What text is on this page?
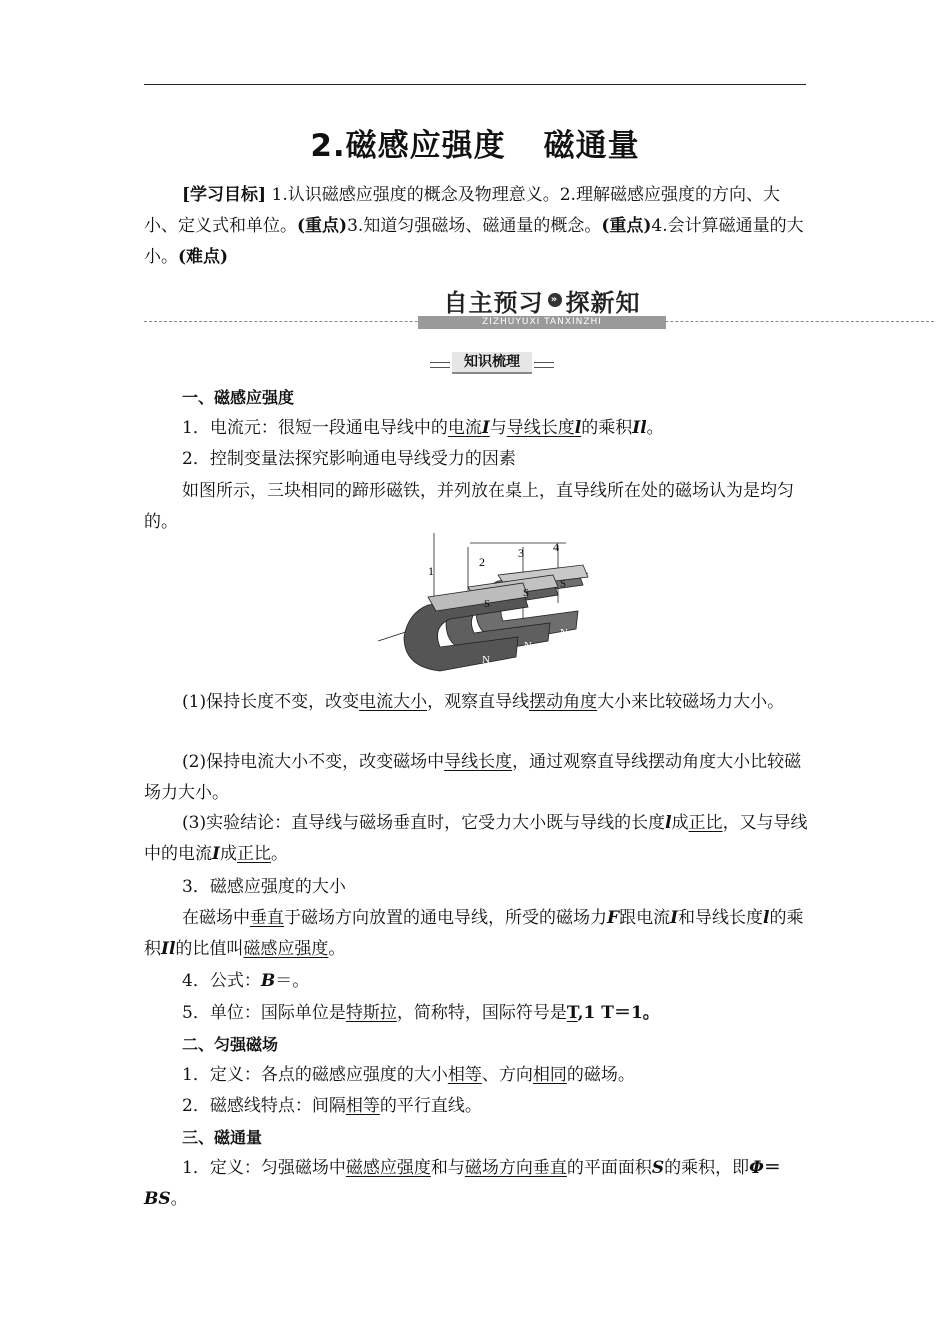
2.磁感应强度 磁通量
[学习目标] 1.认识磁感应强度的概念及物理意义。2.理解磁感应强度的方向、大小、定义式和单位。(重点)3.知道匀强磁场、磁通量的概念。(重点)4.会计算磁通量的大小。(难点)
自主预习 » 探新知
ZIZHUYUXI TANXINZHI
知识梳理
一、磁感应强度
1．电流元：很短一段通电导线中的电流I与导线长度l的乘积Il。
2．控制变量法探究影响通电导线受力的因素
如图所示，三块相同的蹄形磁铁，并列放在桌上，直导线所在处的磁场认为是均匀的。
1
2
3 4
S
S
S
N
N
N
(1)保持长度不变，改变电流大小，观察直导线摆动角度大小来比较磁场力大小。
(2)保持电流大小不变，改变磁场中导线长度，通过观察直导线摆动角度大小比较磁场力大小。
(3)实验结论：直导线与磁场垂直时，它受力大小既与导线的长度l成正比，又与导线中的电流I成正比。
3．磁感应强度的大小
在磁场中垂直于磁场方向放置的通电导线，所受的磁场力F跟电流I和导线长度l的乘积Il的比值叫磁感应强度。
4．公式：B＝。
5．单位：国际单位是特斯拉，简称特，国际符号是T,1 T＝1。
二、匀强磁场
1．定义：各点的磁感应强度的大小相等、方向相同的磁场。
2．磁感线特点：间隔相等的平行直线。
三、磁通量
1．定义：匀强磁场中磁感应强度和与磁场方向垂直的平面面积S的乘积，即Φ＝BS。
